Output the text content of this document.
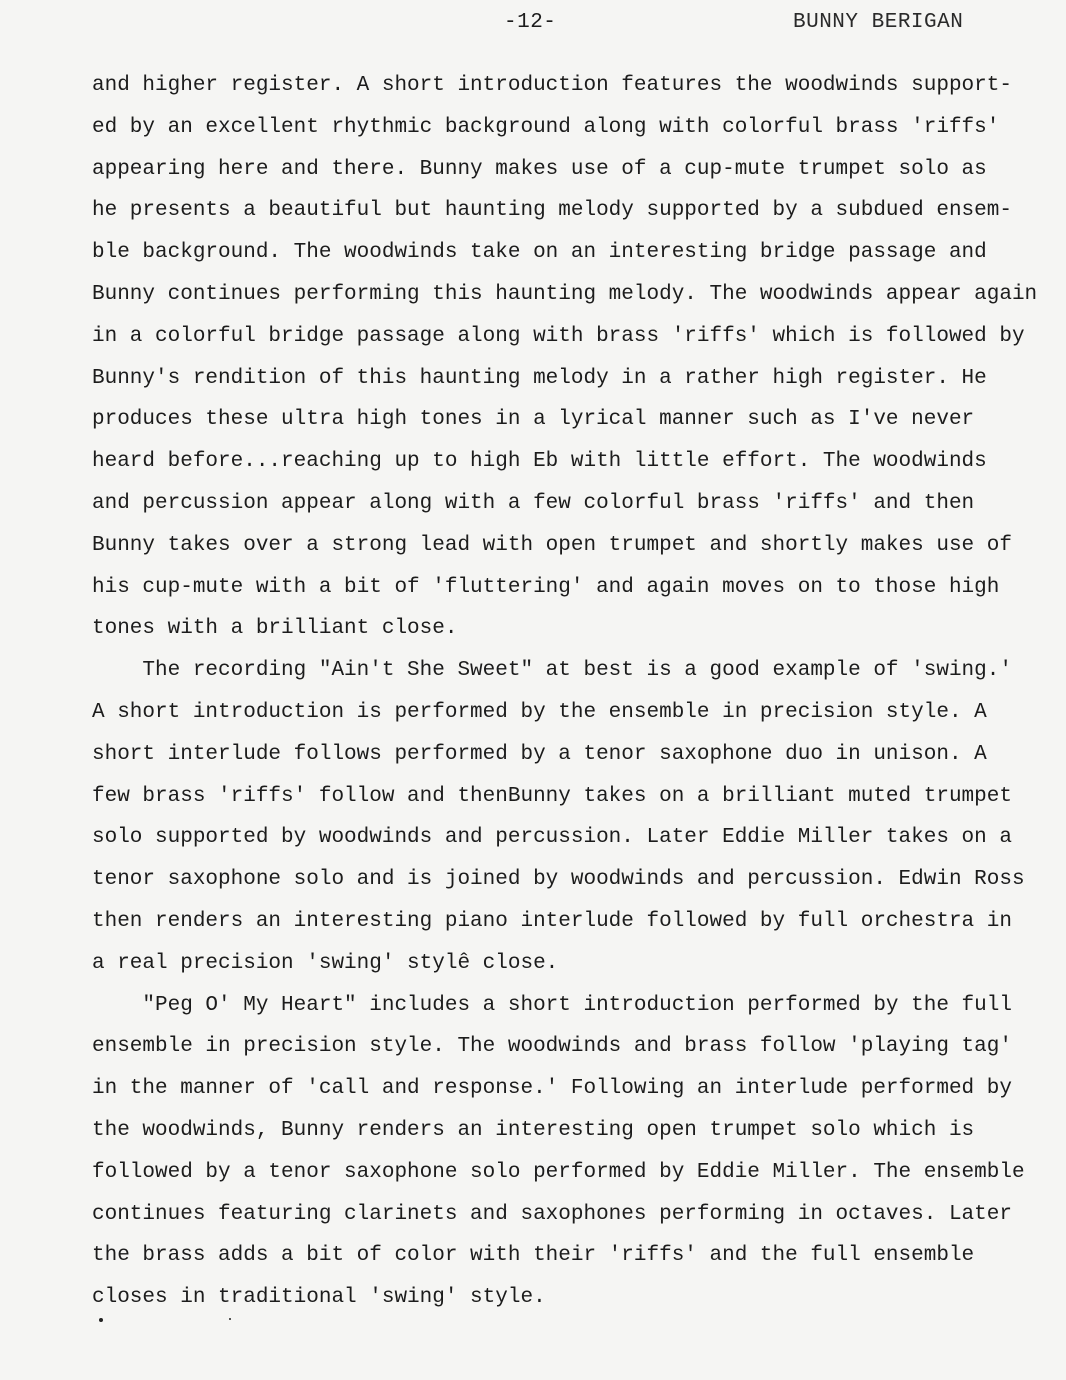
-12-	BUNNY BERIGAN
and higher register. A short introduction features the woodwinds support-
ed by an excellent rhythmic background along with colorful brass 'riffs'
appearing here and there. Bunny makes use of a cup-mute trumpet solo as
he presents a beautiful but haunting melody supported by a subdued ensem-
ble background. The woodwinds take on an interesting bridge passage and
Bunny continues performing this haunting melody. The woodwinds appear again
in a colorful bridge passage along with brass 'riffs' which is followed by
Bunny's rendition of this haunting melody in a rather high register. He
produces these ultra high tones in a lyrical manner such as I've never
heard before...reaching up to high Eb with little effort. The woodwinds
and percussion appear along with a few colorful brass 'riffs' and then
Bunny takes over a strong lead with open trumpet and shortly makes use of
his cup-mute with a bit of 'fluttering' and again moves on to those high
tones with a brilliant close.
The recording "Ain't She Sweet" at best is a good example of 'swing.'
A short introduction is performed by the ensemble in precision style. A
short interlude follows performed by a tenor saxophone duo in unison. A
few brass 'riffs' follow and thenBunny takes on a brilliant muted trumpet
solo supported by woodwinds and percussion. Later Eddie Miller takes on a
tenor saxophone solo and is joined by woodwinds and percussion. Edwin Ross
then renders an interesting piano interlude followed by full orchestra in
a real precision 'swing' stylê close.
"Peg O' My Heart" includes a short introduction performed by the full
ensemble in precision style. The woodwinds and brass follow 'playing tag'
in the manner of 'call and response.' Following an interlude performed by
the woodwinds, Bunny renders an interesting open trumpet solo which is
followed by a tenor saxophone solo performed by Eddie Miller. The ensemble
continues featuring clarinets and saxophones performing in octaves. Later
the brass adds a bit of color with their 'riffs' and the full ensemble
closes in traditional 'swing' style.
